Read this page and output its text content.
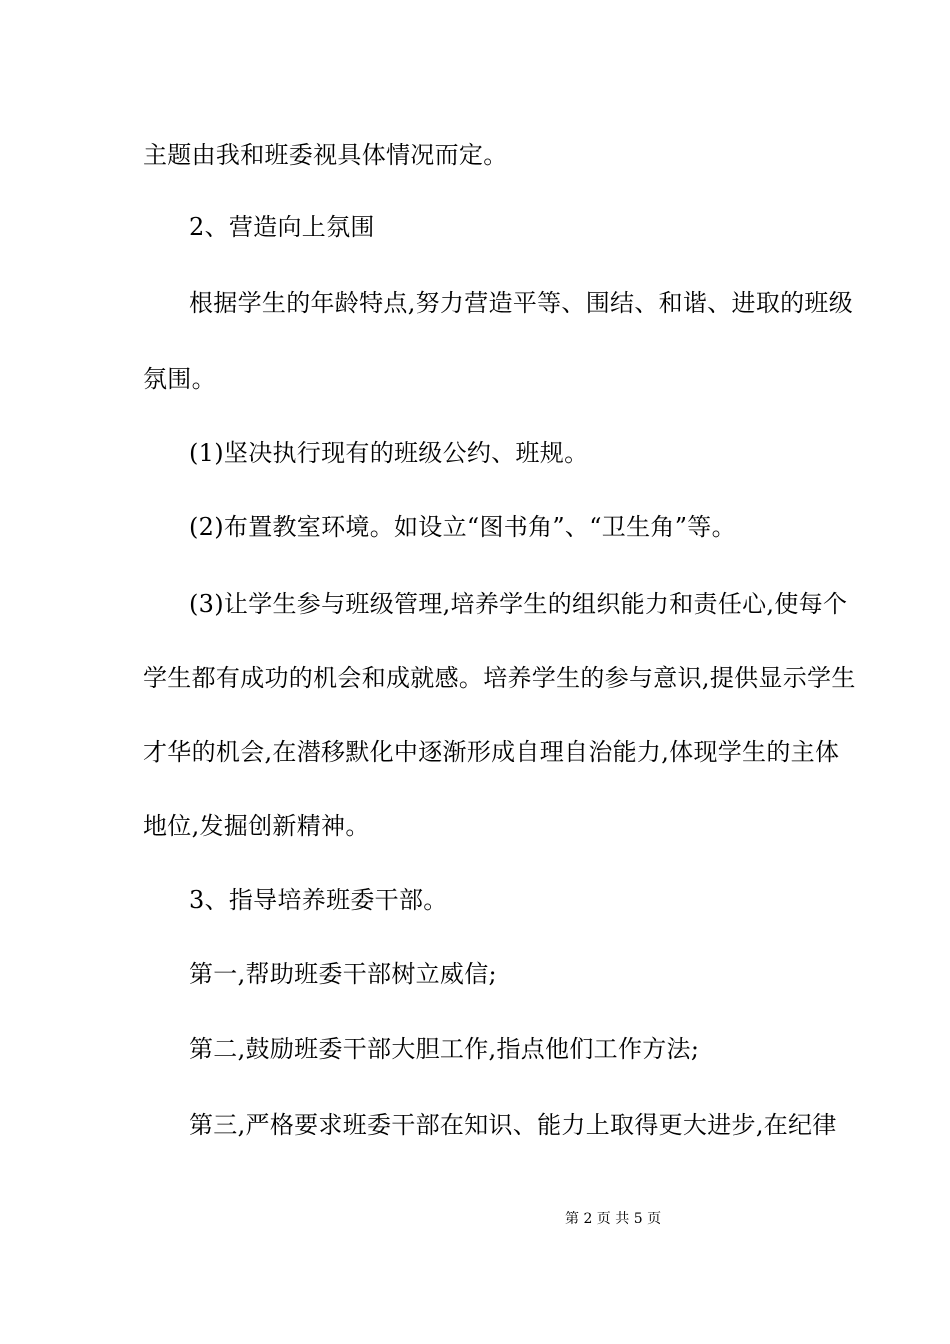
主题由我和班委视具体情况而定。
2、营造向上氛围
根据学生的年龄特点,努力营造平等、围结、和谐、进取的班级
氛围。
(1)坚决执行现有的班级公约、班规。
(2)布置教室环境。如设立“图书角”、“卫生角”等。
(3)让学生参与班级管理,培养学生的组织能力和责任心,使每个
学生都有成功的机会和成就感。培养学生的参与意识,提供显示学生
才华的机会,在潜移默化中逐渐形成自理自治能力,体现学生的主体
地位,发掘创新精神。
3、指导培养班委干部。
第一,帮助班委干部树立威信;
第二,鼓励班委干部大胆工作,指点他们工作方法;
第三,严格要求班委干部在知识、能力上取得更大进步,在纪律
第 2 页 共 5 页
